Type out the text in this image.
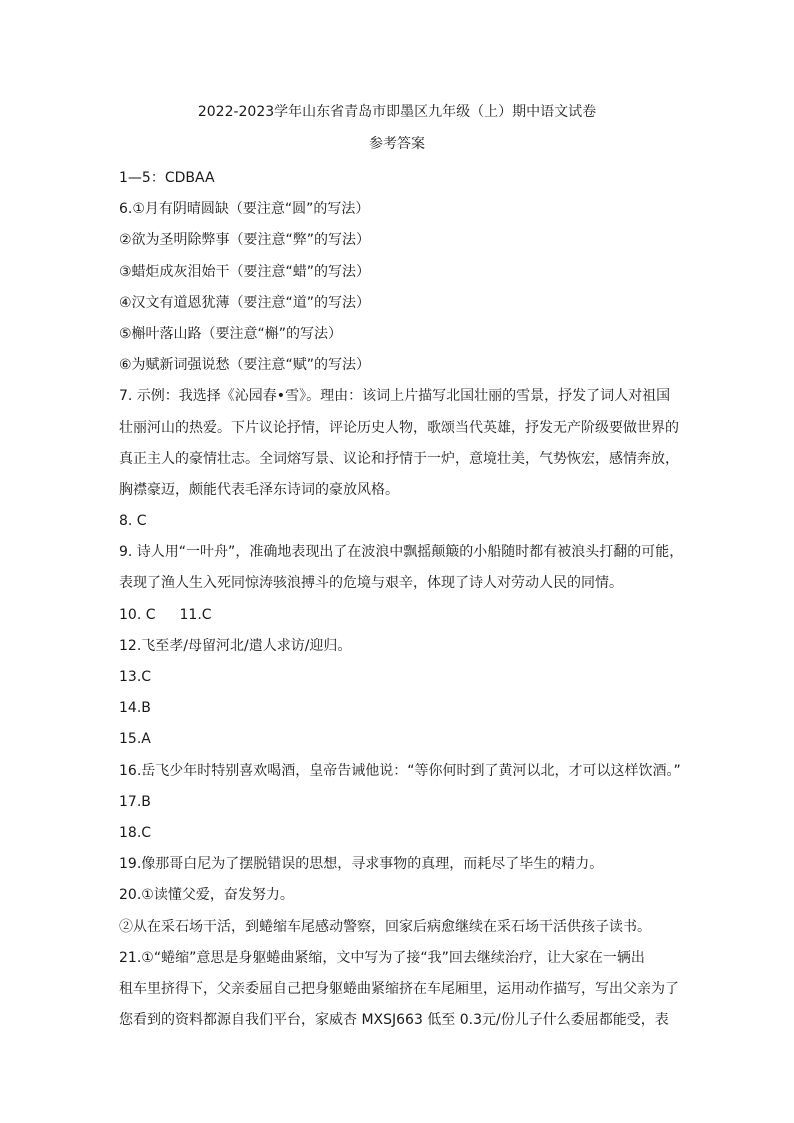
2022-2023学年山东省青岛市即墨区九年级（上）期中语文试卷
参考答案
1—5：CDBAA
6.①月有阴晴圆缺（要注意“圆”的写法）
②欲为圣明除弊事（要注意“弊”的写法）
③蜡炬成灰泪始干（要注意“蜡”的写法）
④汉文有道恩犹薄（要注意“道”的写法）
⑤槲叶落山路（要注意“槲”的写法）
⑥为赋新词强说愁（要注意“赋”的写法）
7. 示例：我选择《沁园春•雪》。理由：该词上片描写北国壮丽的雪景，抒发了词人对祖国
壮丽河山的热爱。下片议论抒情，评论历史人物，歌颂当代英雄，抒发无产阶级要做世界的
真正主人的豪情壮志。全词熔写景、议论和抒情于一炉，意境壮美，气势恢宏，感情奔放，
胸襟豪迈，颇能代表毛泽东诗词的豪放风格。
8. C
9. 诗人用“一叶舟”，准确地表现出了在波浪中飘摇颠簸的小船随时都有被浪头打翻的可能，
表现了渔人生入死同惊涛骇浪搏斗的危境与艰辛，体现了诗人对劳动人民的同情。
10. C 11.C
12.飞至孝/母留河北/遣人求访/迎归。
13.C
14.B
15.A
16.岳飞少年时特别喜欢喝酒，皇帝告诫他说：“等你何时到了黄河以北，才可以这样饮酒。”
17.B
18.C
19.像那哥白尼为了摆脱错误的思想，寻求事物的真理，而耗尽了毕生的精力。
20.①读懂父爱，奋发努力。
②从在采石场干活，到蜷缩车尾感动警察，回家后病愈继续在采石场干活供孩子读书。
21.①“蜷缩”意思是身躯蜷曲紧缩，文中写为了接“我”回去继续治疗，让大家在一辆出
租车里挤得下，父亲委屈自己把身躯蜷曲紧缩挤在车尾厢里，运用动作描写，写出父亲为了
您看到的资料都源自我们平台，家威杏 MXSJ663 低至 0.3元/份儿子什么委屈都能受，表
